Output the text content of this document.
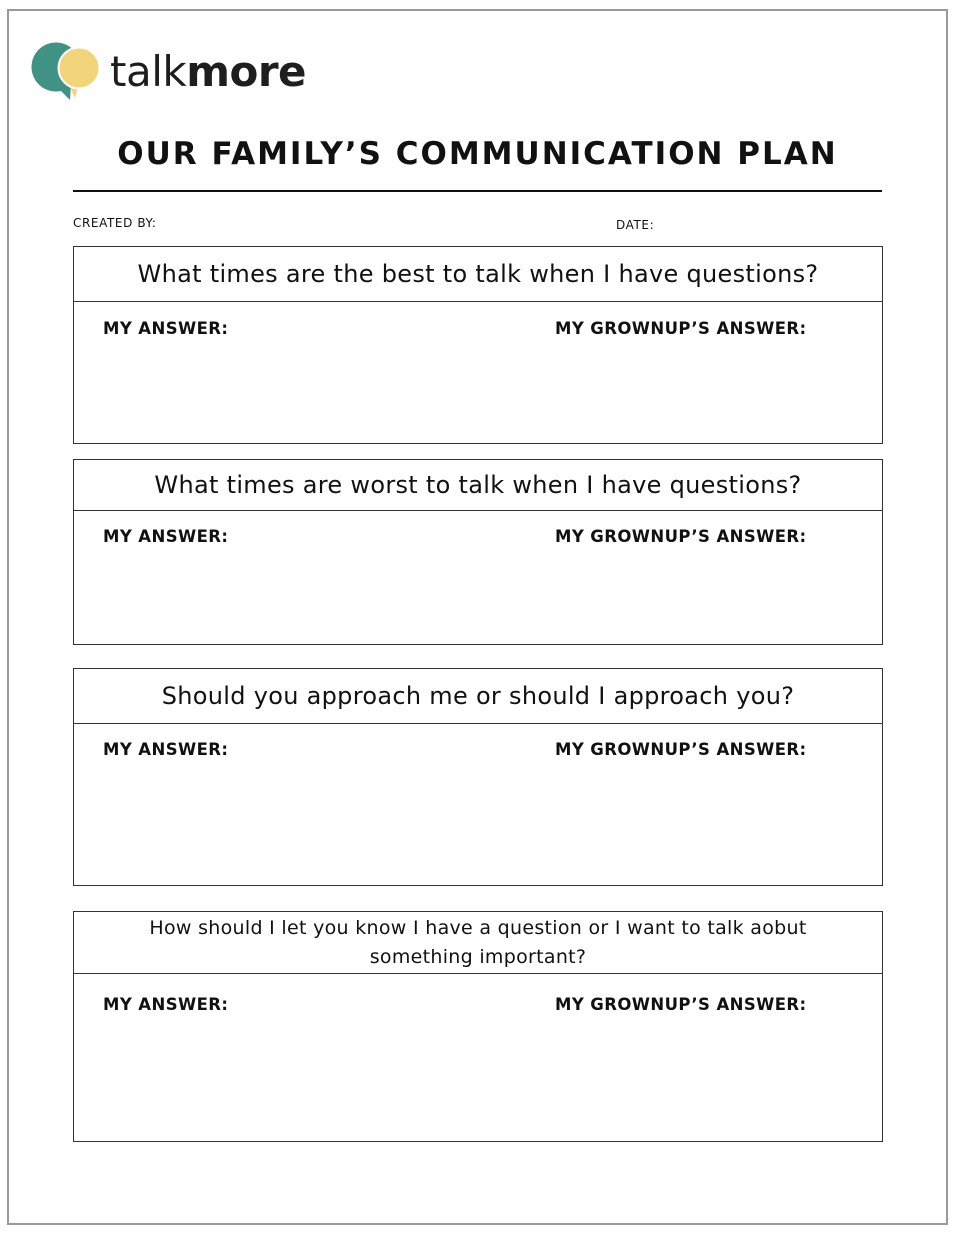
talkmore
OUR FAMILY’S COMMUNICATION PLAN
CREATED BY:	DATE:
What times are the best to talk when I have questions?
MY ANSWER:	MY GROWNUP’S ANSWER:
What times are worst to talk when I have questions?
MY ANSWER:	MY GROWNUP’S ANSWER:
Should you approach me or should I approach you?
MY ANSWER:	MY GROWNUP’S ANSWER:
How should I let you know I have a question or I want to talk aobut something important?
MY ANSWER:	MY GROWNUP’S ANSWER:
